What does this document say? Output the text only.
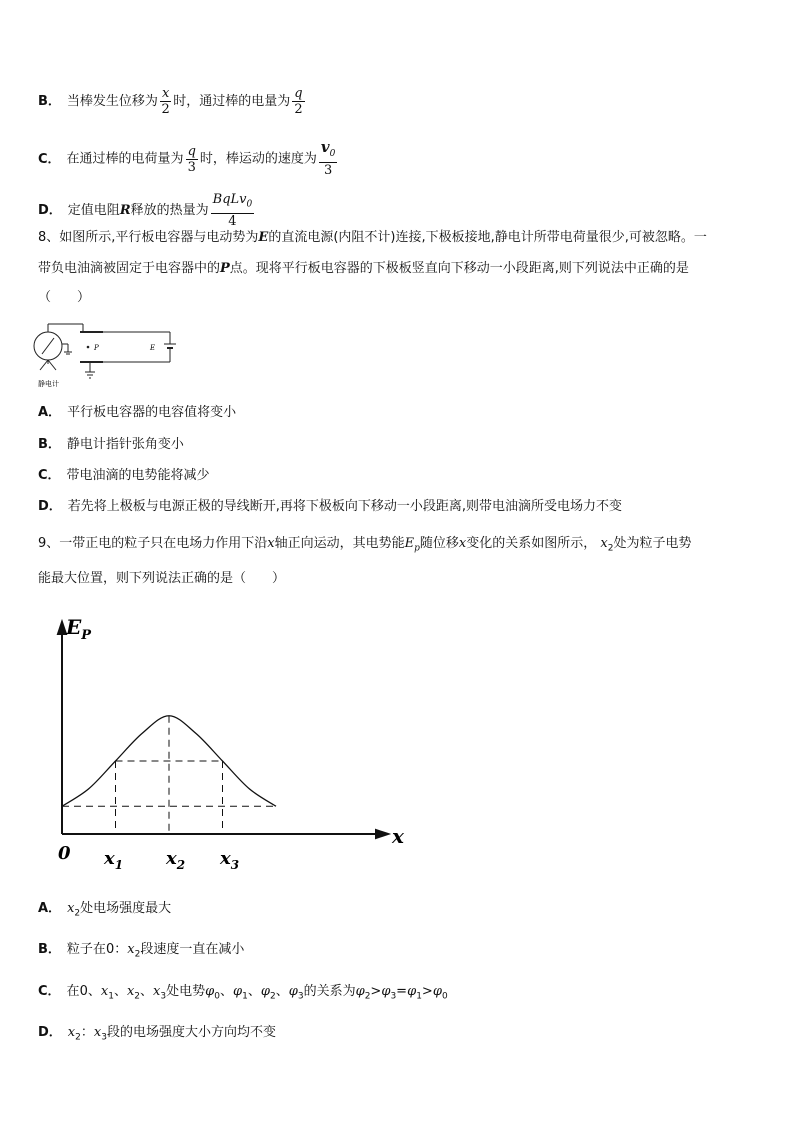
B． 当棒发生位移为 $\frac{x}{2}$ 时，通过棒的电量为 $\frac{q}{2}$
C． 在通过棒的电荷量为 $\frac{q}{3}$ 时，棒运动的速度为 $\frac{v_0}{3}$
D． 定值电阻R释放的热量为 $\frac{BqLv_0}{4}$
8、如图所示,平行板电容器与电动势为E的直流电源(内阻不计)连接,下极板接地,静电计所带电荷量很少,可被忽略。一
带负电油滴被固定于电容器中的P点。现将平行板电容器的下极板竖直向下移动一小段距离,则下列说法中正确的是
（　　）
P	E
静电计
A． 平行板电容器的电容值将变小
B． 静电计指针张角变小
C． 带电油滴的电势能将减少
D． 若先将上极板与电源正极的导线断开,再将下极板向下移动一小段距离,则带电油滴所受电场力不变
9、一带正电的粒子只在电场力作用下沿x轴正向运动，其电势能$E_p$随位移x变化的关系如图所示， $x_2$处为粒子电势
能最大位置，则下列说法正确的是（　　）
$E_P$
x
0 $x_1$ $x_2$ $x_3$
A． $x_2$处电场强度最大
B． 粒子在0：$x_2$段速度一直在减小
C． 在0、$x_1$、$x_2$、$x_3$处电势$\varphi_0$、$\varphi_1$、$\varphi_2$、$\varphi_3$的关系为$\varphi_2>\varphi_3=\varphi_1>\varphi_0$
D． $x_2$：$x_3$段的电场强度大小方向均不变
